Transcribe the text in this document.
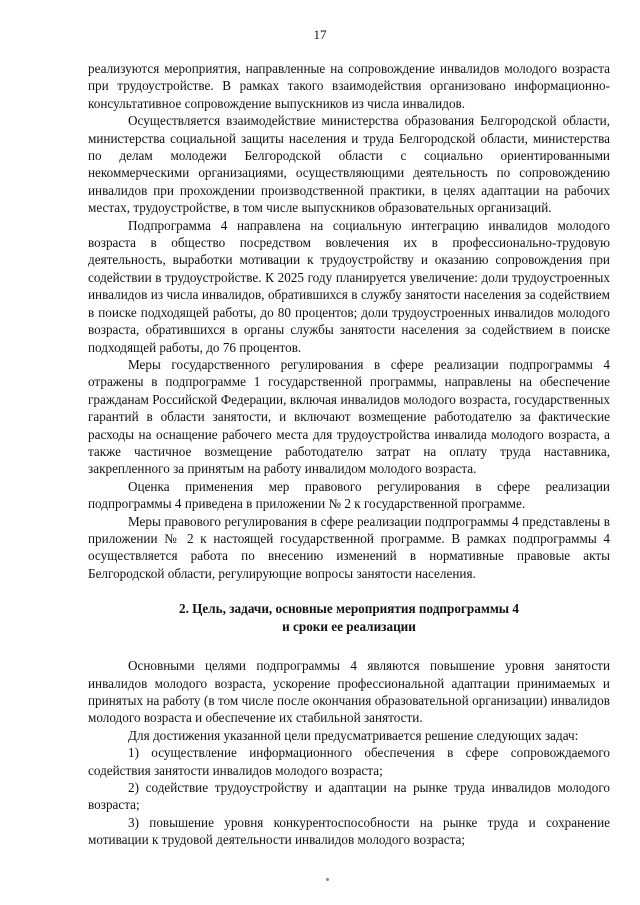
17

реализуются мероприятия, направленные на сопровождение инвалидов молодого возраста при трудоустройстве. В рамках такого взаимодействия организовано информационно-консультативное сопровождение выпускников из числа инвалидов.

Осуществляется взаимодействие министерства образования Белгородской области, министерства социальной защиты населения и труда Белгородской области, министерства по делам молодежи Белгородской области с социально ориентированными некоммерческими организациями, осуществляющими деятельность по сопровождению инвалидов при прохождении производственной практики, в целях адаптации на рабочих местах, трудоустройстве, в том числе выпускников образовательных организаций.

Подпрограмма 4 направлена на социальную интеграцию инвалидов молодого возраста в общество посредством вовлечения их в профессионально-трудовую деятельность, выработки мотивации к трудоустройству и оказанию сопровождения при содействии в трудоустройстве. К 2025 году планируется увеличение: доли трудоустроенных инвалидов из числа инвалидов, обратившихся в службу занятости населения за содействием в поиске подходящей работы, до 80 процентов; доли трудоустроенных инвалидов молодого возраста, обратившихся в органы службы занятости населения за содействием в поиске подходящей работы, до 76 процентов.

Меры государственного регулирования в сфере реализации подпрограммы 4 отражены в подпрограмме 1 государственной программы, направлены на обеспечение гражданам Российской Федерации, включая инвалидов молодого возраста, государственных гарантий в области занятости, и включают возмещение работодателю за фактические расходы на оснащение рабочего места для трудоустройства инвалида молодого возраста, а также частичное возмещение работодателю затрат на оплату труда наставника, закрепленного за принятым на работу инвалидом молодого возраста.

Оценка применения мер правового регулирования в сфере реализации подпрограммы 4 приведена в приложении № 2 к государственной программе.

Меры правового регулирования в сфере реализации подпрограммы 4 представлены в приложении № 2 к настоящей государственной программе. В рамках подпрограммы 4 осуществляется работа по внесению изменений в нормативные правовые акты Белгородской области, регулирующие вопросы занятости населения.

2. Цель, задачи, основные мероприятия подпрограммы 4
и сроки ее реализации

Основными целями подпрограммы 4 являются повышение уровня занятости инвалидов молодого возраста, ускорение профессиональной адаптации принимаемых и принятых на работу (в том числе после окончания образовательной организации) инвалидов молодого возраста и обеспечение их стабильной занятости.

Для достижения указанной цели предусматривается решение следующих задач:

1) осуществление информационного обеспечения в сфере сопровождаемого содействия занятости инвалидов молодого возраста;

2) содействие трудоустройству и адаптации на рынке труда инвалидов молодого возраста;

3) повышение уровня конкурентоспособности на рынке труда и сохранение мотивации к трудовой деятельности инвалидов молодого возраста;
